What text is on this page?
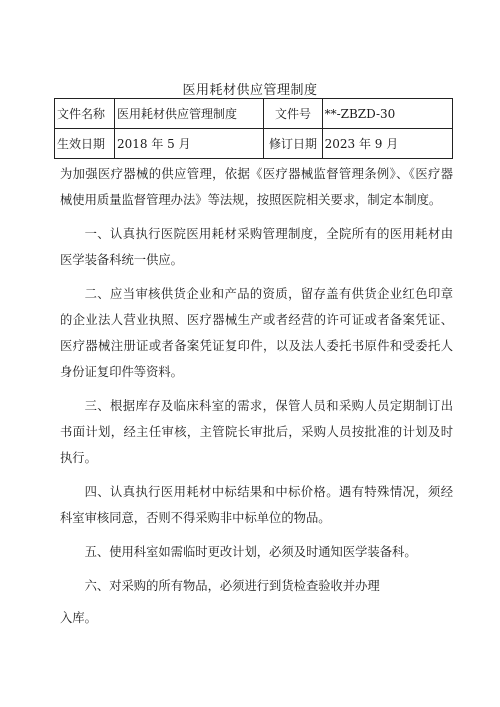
医用耗材供应管理制度
文件名称	医用耗材供应管理制度	文件号	**-ZBZD-30
生效日期	2018 年 5 月	修订日期	2023 年 9 月

为加强医疗器械的供应管理，依据《医疗器械监督管理条例》、《医疗器械使用质量监督管理办法》等法规，按照医院相关要求，制定本制度。

一、认真执行医院医用耗材采购管理制度，全院所有的医用耗材由医学装备科统一供应。

二、应当审核供货企业和产品的资质，留存盖有供货企业红色印章的企业法人营业执照、医疗器械生产或者经营的许可证或者备案凭证、医疗器械注册证或者备案凭证复印件，以及法人委托书原件和受委托人身份证复印件等资料。

三、根据库存及临床科室的需求，保管人员和采购人员定期制订出书面计划，经主任审核，主管院长审批后，采购人员按批准的计划及时执行。

四、认真执行医用耗材中标结果和中标价格。遇有特殊情况，须经科室审核同意，否则不得采购非中标单位的物品。

五、使用科室如需临时更改计划，必须及时通知医学装备科。

六、对采购的所有物品，必须进行到货检查验收并办理

入库。
